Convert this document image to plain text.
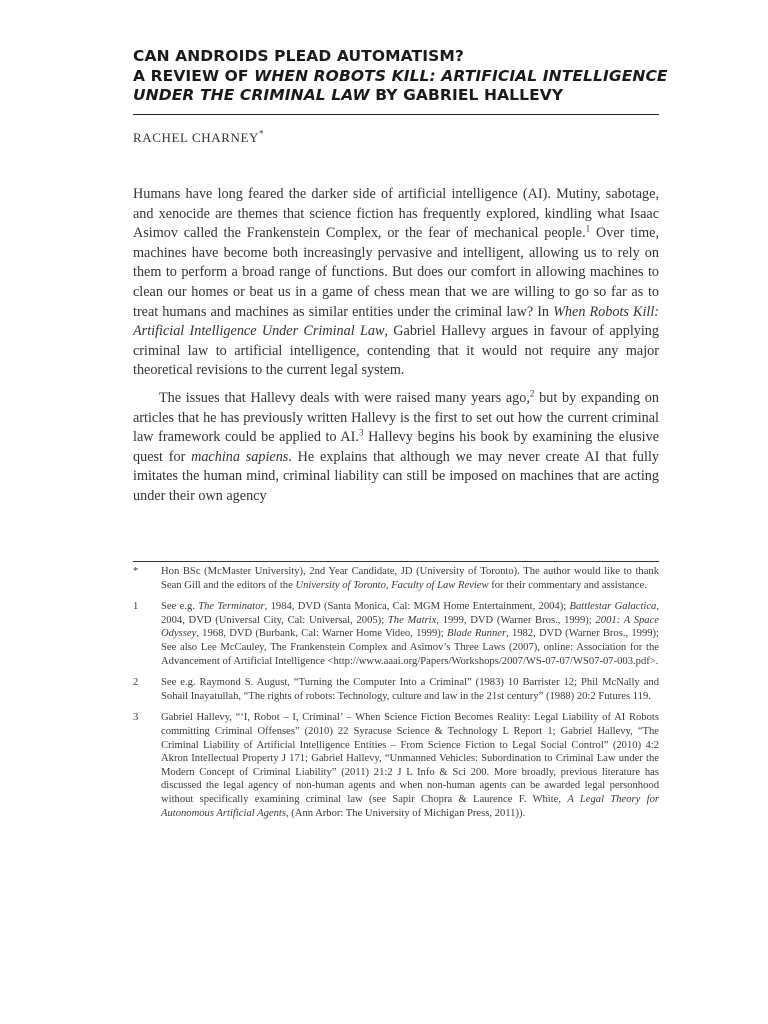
CAN ANDROIDS PLEAD AUTOMATISM?
A REVIEW OF WHEN ROBOTS KILL: ARTIFICIAL INTELLIGENCE
UNDER THE CRIMINAL LAW BY GABRIEL HALLEVY
RACHEL CHARNEY*

Humans have long feared the darker side of artificial intelligence (AI). Mutiny, sabotage, and xenocide are themes that science fiction has frequently explored, kindling what Isaac Asimov called the Frankenstein Complex, or the fear of mechanical people.$^1$ Over time, machines have become both increasingly pervasive and intelligent, allowing us to rely on them to perform a broad range of functions. But does our comfort in allowing machines to clean our homes or beat us in a game of chess mean that we are willing to go so far as to treat humans and machines as similar entities under the criminal law? In When Robots Kill: Artificial Intelligence Under Criminal Law, Gabriel Hallevy argues in favour of applying criminal law to artificial intelligence, contending that it would not require any major theoretical revisions to the current legal system.

The issues that Hallevy deals with were raised many years ago,$^2$ but by expanding on articles that he has previously written Hallevy is the first to set out how the current criminal law framework could be applied to AI.$^3$ Hallevy begins his book by examining the elusive quest for machina sapiens. He explains that although we may never create AI that fully imitates the human mind, criminal liability can still be imposed on machines that are acting under their own agency

*	Hon BSc (McMaster University), 2nd Year Candidate, JD (University of Toronto). The author would like to thank Sean Gill and the editors of the University of Toronto, Faculty of Law Review for their commentary and assistance.
1	See e.g. The Terminator, 1984, DVD (Santa Monica, Cal: MGM Home Entertainment, 2004); Battlestar Galactica, 2004, DVD (Universal City, Cal: Universal, 2005); The Matrix, 1999, DVD (Warner Bros., 1999); 2001: A Space Odyssey, 1968, DVD (Burbank, Cal: Warner Home Video, 1999); Blade Runner, 1982, DVD (Warner Bros., 1999); See also Lee McCauley, The Frankenstein Complex and Asimov’s Three Laws (2007), online: Association for the Advancement of Artificial Intelligence <http://www.aaai.org/Papers/Workshops/2007/WS-07-07/WS07-07-003.pdf>.
2	See e.g. Raymond S. August, “Turning the Computer Into a Criminal” (1983) 10 Barrister 12; Phil McNally and Sohail Inayatullah, “The rights of robots: Technology, culture and law in the 21st century” (1988) 20:2 Futures 119.
3	Gabriel Hallevy, “‘I, Robot – I, Criminal’ – When Science Fiction Becomes Reality: Legal Liability of AI Robots committing Criminal Offenses” (2010) 22 Syracuse Science & Technology L Report 1; Gabriel Hallevy, “The Criminal Liability of Artificial Intelligence Entities – From Science Fiction to Legal Social Control” (2010) 4:2 Akron Intellectual Property J 171; Gabriel Hallevy, “Unmanned Vehicles: Subordination to Criminal Law under the Modern Concept of Criminal Liability” (2011) 21:2 J L Info & Sci 200. More broadly, previous literature has discussed the legal agency of non-human agents and when non-human agents can be awarded legal personhood without specifically examining criminal law (see Sapir Chopra & Laurence F. White, A Legal Theory for Autonomous Artificial Agents, (Ann Arbor: The University of Michigan Press, 2011)).
